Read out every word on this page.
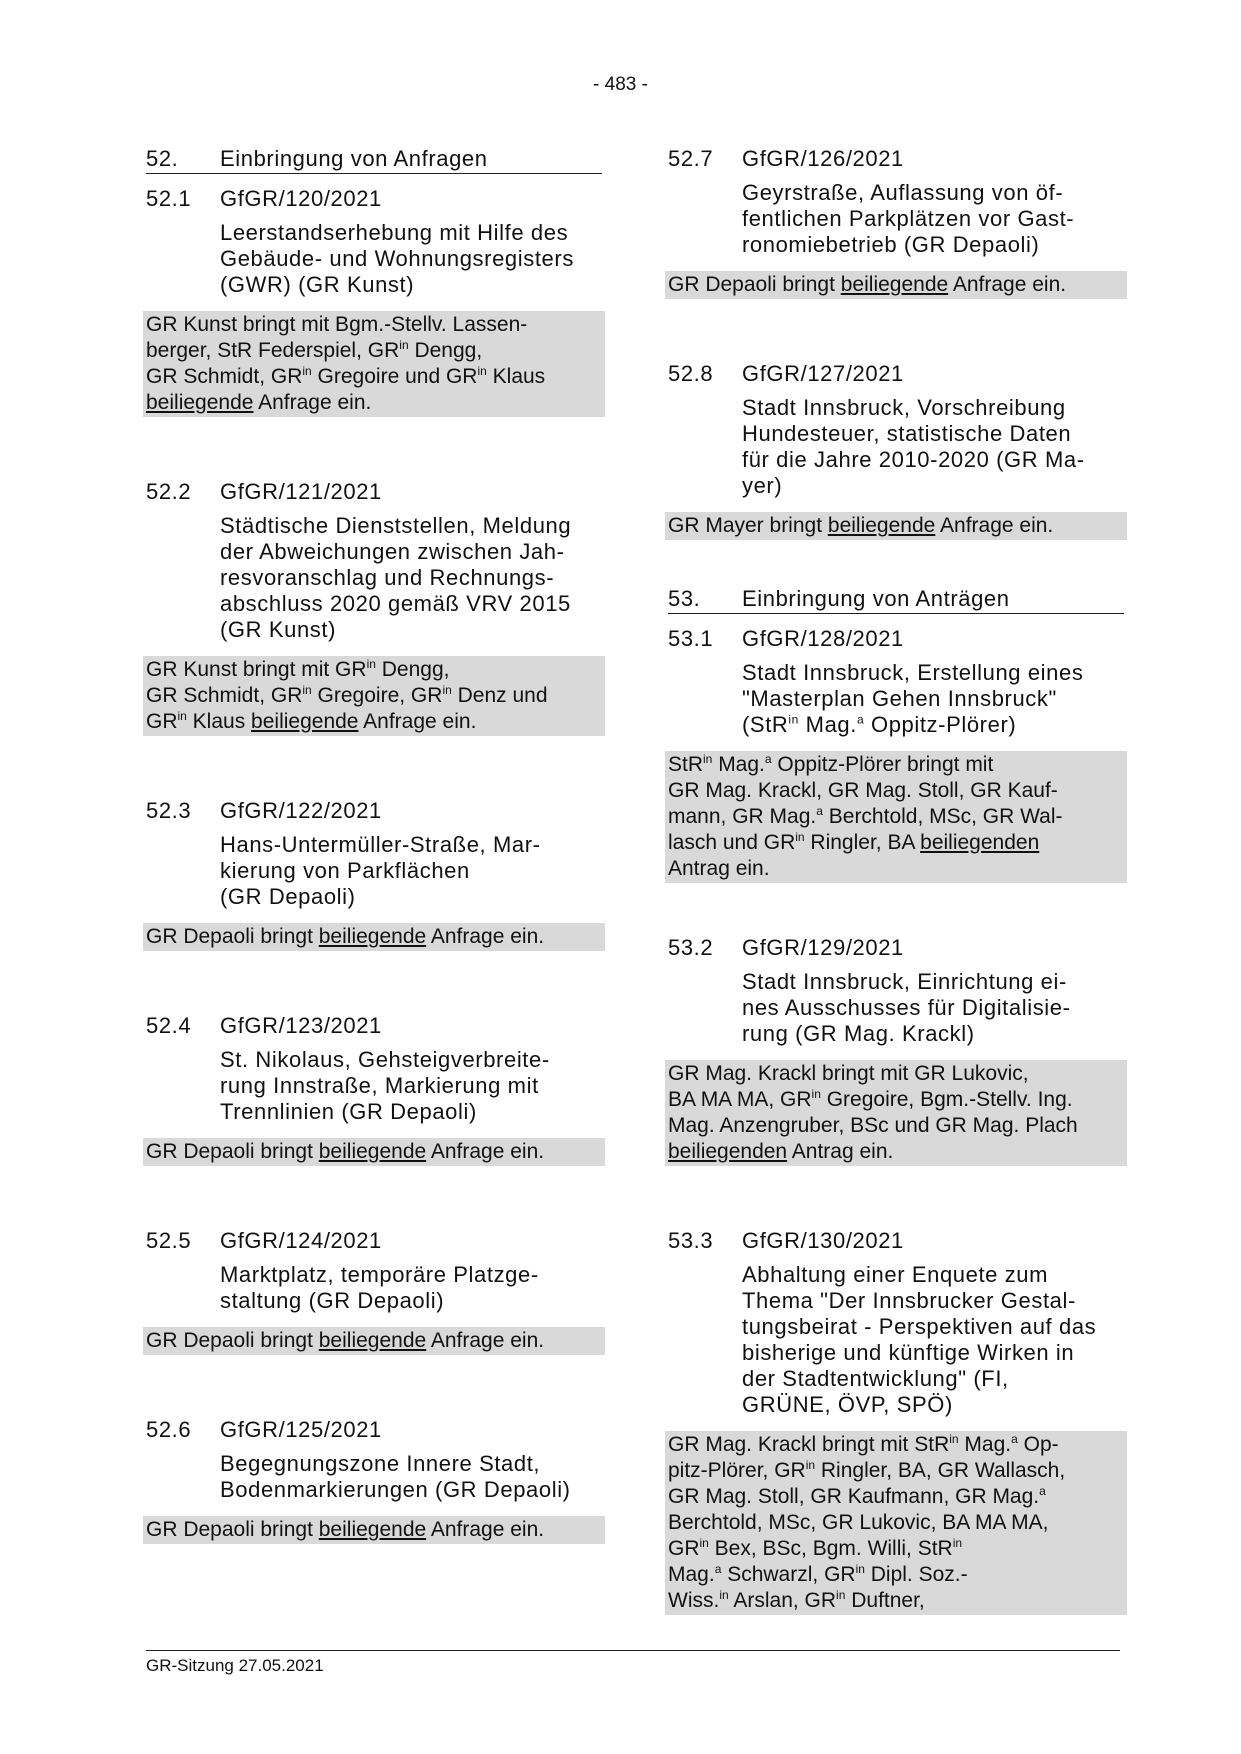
- 483 -
52.	Einbringung von Anfragen
52.1	GfGR/120/2021
Leerstandserhebung mit Hilfe des
Gebäude- und Wohnungsregisters
(GWR) (GR Kunst)
GR Kunst bringt mit Bgm.-Stellv. Lassen-
berger, StR Federspiel, $GR^{in}$ Dengg,
GR Schmidt, $GR^{in}$ Gregoire und $GR^{in}$ Klaus
beiliegende Anfrage ein.
52.2	GfGR/121/2021
Städtische Dienststellen, Meldung
der Abweichungen zwischen Jah-
resvoranschlag und Rechnungs-
abschluss 2020 gemäß VRV 2015
(GR Kunst)
GR Kunst bringt mit $GR^{in}$ Dengg,
GR Schmidt, $GR^{in}$ Gregoire, $GR^{in}$ Denz und
$GR^{in}$ Klaus beiliegende Anfrage ein.
52.3	GfGR/122/2021
Hans-Untermüller-Straße, Mar-
kierung von Parkflächen
(GR Depaoli)
GR Depaoli bringt beiliegende Anfrage ein.
52.4	GfGR/123/2021
St. Nikolaus, Gehsteigverbreite-
rung Innstraße, Markierung mit
Trennlinien (GR Depaoli)
GR Depaoli bringt beiliegende Anfrage ein.
52.5	GfGR/124/2021
Marktplatz, temporäre Platzge-
staltung (GR Depaoli)
GR Depaoli bringt beiliegende Anfrage ein.
52.6	GfGR/125/2021
Begegnungszone Innere Stadt,
Bodenmarkierungen (GR Depaoli)
GR Depaoli bringt beiliegende Anfrage ein.
52.7	GfGR/126/2021
Geyrstraße, Auflassung von öf-
fentlichen Parkplätzen vor Gast-
ronomiebetrieb (GR Depaoli)
GR Depaoli bringt beiliegende Anfrage ein.
52.8	GfGR/127/2021
Stadt Innsbruck, Vorschreibung
Hundesteuer, statistische Daten
für die Jahre 2010-2020 (GR Ma-
yer)
GR Mayer bringt beiliegende Anfrage ein.
53.	Einbringung von Anträgen
53.1	GfGR/128/2021
Stadt Innsbruck, Erstellung eines
"Masterplan Gehen Innsbruck"
(StR$^{in}$ Mag.$^a$ Oppitz-Plörer)
StR$^{in}$ Mag.$^a$ Oppitz-Plörer bringt mit
GR Mag. Krackl, GR Mag. Stoll, GR Kauf-
mann, GR Mag.$^a$ Berchtold, MSc, GR Wal-
lasch und $GR^{in}$ Ringler, BA beiliegenden
Antrag ein.
53.2	GfGR/129/2021
Stadt Innsbruck, Einrichtung ei-
nes Ausschusses für Digitalisie-
rung (GR Mag. Krackl)
GR Mag. Krackl bringt mit GR Lukovic,
BA MA MA, $GR^{in}$ Gregoire, Bgm.-Stellv. Ing.
Mag. Anzengruber, BSc und GR Mag. Plach
beiliegenden Antrag ein.
53.3	GfGR/130/2021
Abhaltung einer Enquete zum
Thema "Der Innsbrucker Gestal-
tungsbeirat - Perspektiven auf das
bisherige und künftige Wirken in
der Stadtentwicklung" (FI,
GRÜNE, ÖVP, SPÖ)
GR Mag. Krackl bringt mit StR$^{in}$ Mag.$^a$ Op-
pitz-Plörer, $GR^{in}$ Ringler, BA, GR Wallasch,
GR Mag. Stoll, GR Kaufmann, GR Mag.$^a$
Berchtold, MSc, GR Lukovic, BA MA MA,
$GR^{in}$ Bex, BSc, Bgm. Willi, StR$^{in}$
Mag.$^a$ Schwarzl, $GR^{in}$ Dipl. Soz.-
Wiss.$^{in}$ Arslan, $GR^{in}$ Duftner,
GR-Sitzung 27.05.2021
